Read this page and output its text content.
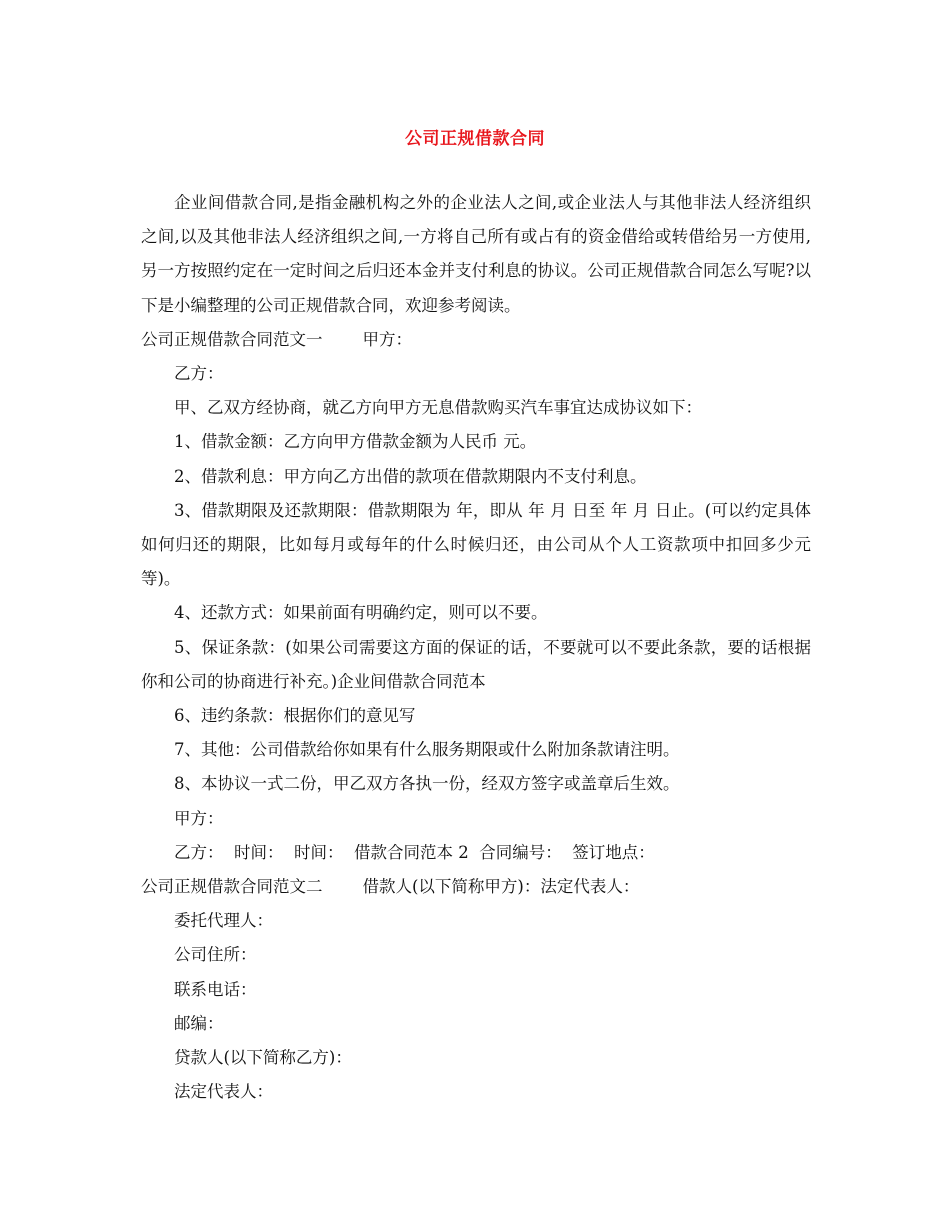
公司正规借款合同

企业间借款合同,是指金融机构之外的企业法人之间,或企业法人与其他非法人经济组织之间,以及其他非法人经济组织之间,一方将自己所有或占有的资金借给或转借给另一方使用,另一方按照约定在一定时间之后归还本金并支付利息的协议。公司正规借款合同怎么写呢?以下是小编整理的公司正规借款合同，欢迎参考阅读。

公司正规借款合同范文一 甲方：

乙方：

甲、乙双方经协商，就乙方向甲方无息借款购买汽车事宜达成协议如下：

1、借款金额：乙方向甲方借款金额为人民币 元。

2、借款利息：甲方向乙方出借的款项在借款期限内不支付利息。

3、借款期限及还款期限：借款期限为 年，即从 年 月 日至 年 月 日止。(可以约定具体如何归还的期限，比如每月或每年的什么时候归还，由公司从个人工资款项中扣回多少元等)。

4、还款方式：如果前面有明确约定，则可以不要。

5、保证条款：(如果公司需要这方面的保证的话，不要就可以不要此条款，要的话根据你和公司的协商进行补充。)企业间借款合同范本

6、违约条款：根据你们的意见写

7、其他：公司借款给你如果有什么服务期限或什么附加条款请注明。

8、本协议一式二份，甲乙双方各执一份，经双方签字或盖章后生效。

甲方：

乙方：  时间：  时间：  借款合同范本 2  合同编号：  签订地点：

公司正规借款合同范文二 借款人(以下简称甲方)：法定代表人：

委托代理人：

公司住所：

联系电话：

邮编：

贷款人(以下简称乙方)：

法定代表人：
